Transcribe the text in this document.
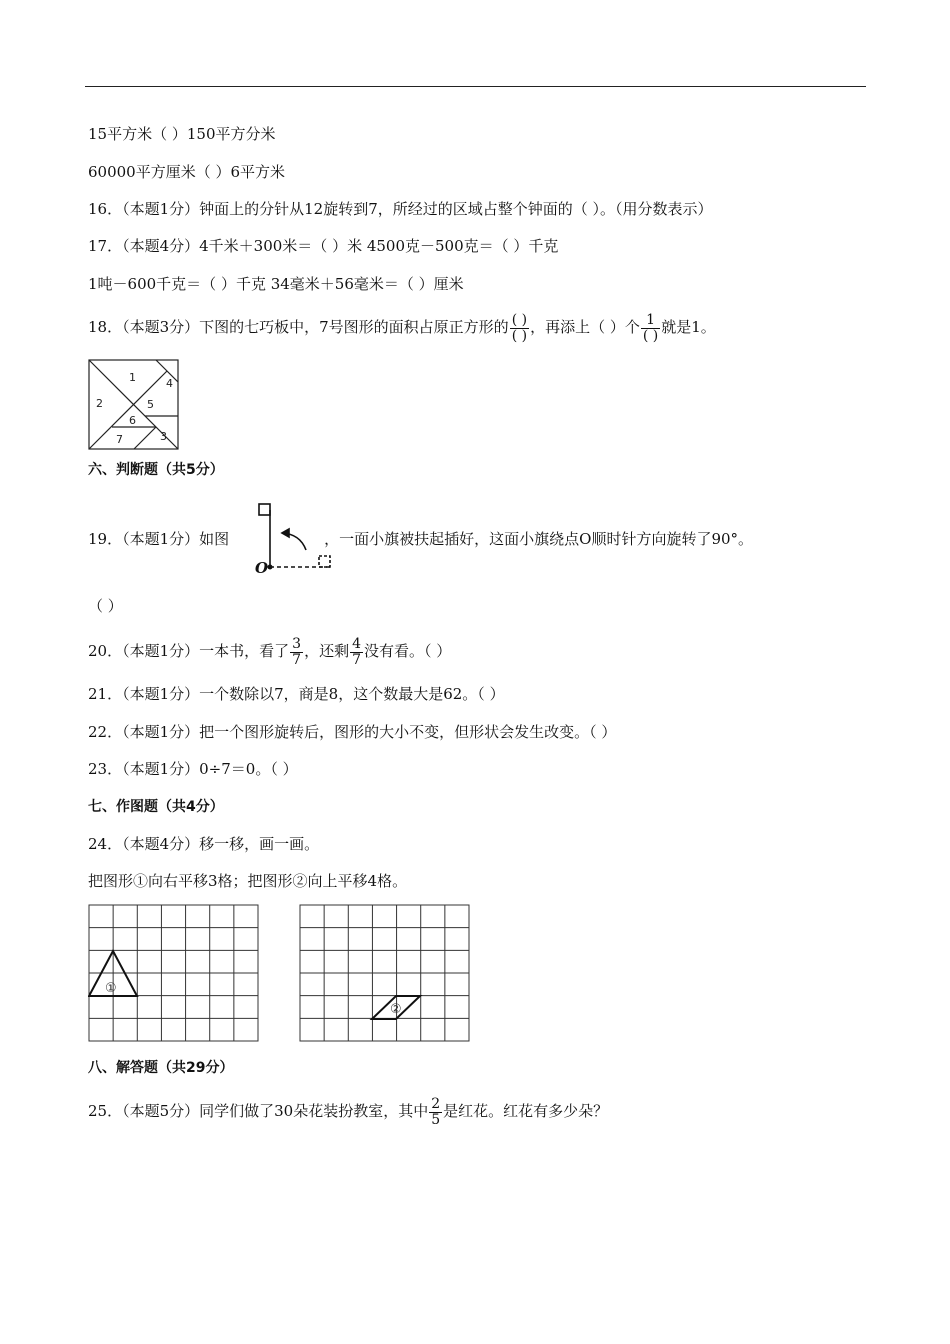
15平方米（ ）150平方分米
60000平方厘米（ ）6平方米
16．（本题1分）钟面上的分针从12旋转到7，所经过的区域占整个钟面的（ ）。（用分数表示）
17．（本题4分）4千米＋300米＝（ ）米 4500克－500克＝（ ）千克
1吨－600千克＝（ ）千克 34毫米＋56毫米＝（ ）厘米
18．（本题3分）下图的七巧板中，7号图形的面积占原正方形的 $\frac{( )}{( )}$ ，再添上（ ）个 $\frac{1}{( )}$ 就是1。
1
2
3
4
5
6
7
六、判断题（共5分）
19．（本题1分）如图	，一面小旗被扶起插好，这面小旗绕点O顺时针方向旋转了90°。
O
（ ）
20．（本题1分）一本书，看了 $\frac{3}{7}$ ，还剩 $\frac{4}{7}$ 没有看。（ ）
21．（本题1分）一个数除以7，商是8，这个数最大是62。（ ）
22．（本题1分）把一个图形旋转后，图形的大小不变，但形状会发生改变。（ ）
23．（本题1分）0÷7＝0。（ ）
七、作图题（共4分）
24．（本题4分）移一移，画一画。
把图形①向右平移3格；把图形②向上平移4格。
①
②
八、解答题（共29分）
25．（本题5分）同学们做了30朵花装扮教室，其中 $\frac{2}{5}$ 是红花。红花有多少朵？
